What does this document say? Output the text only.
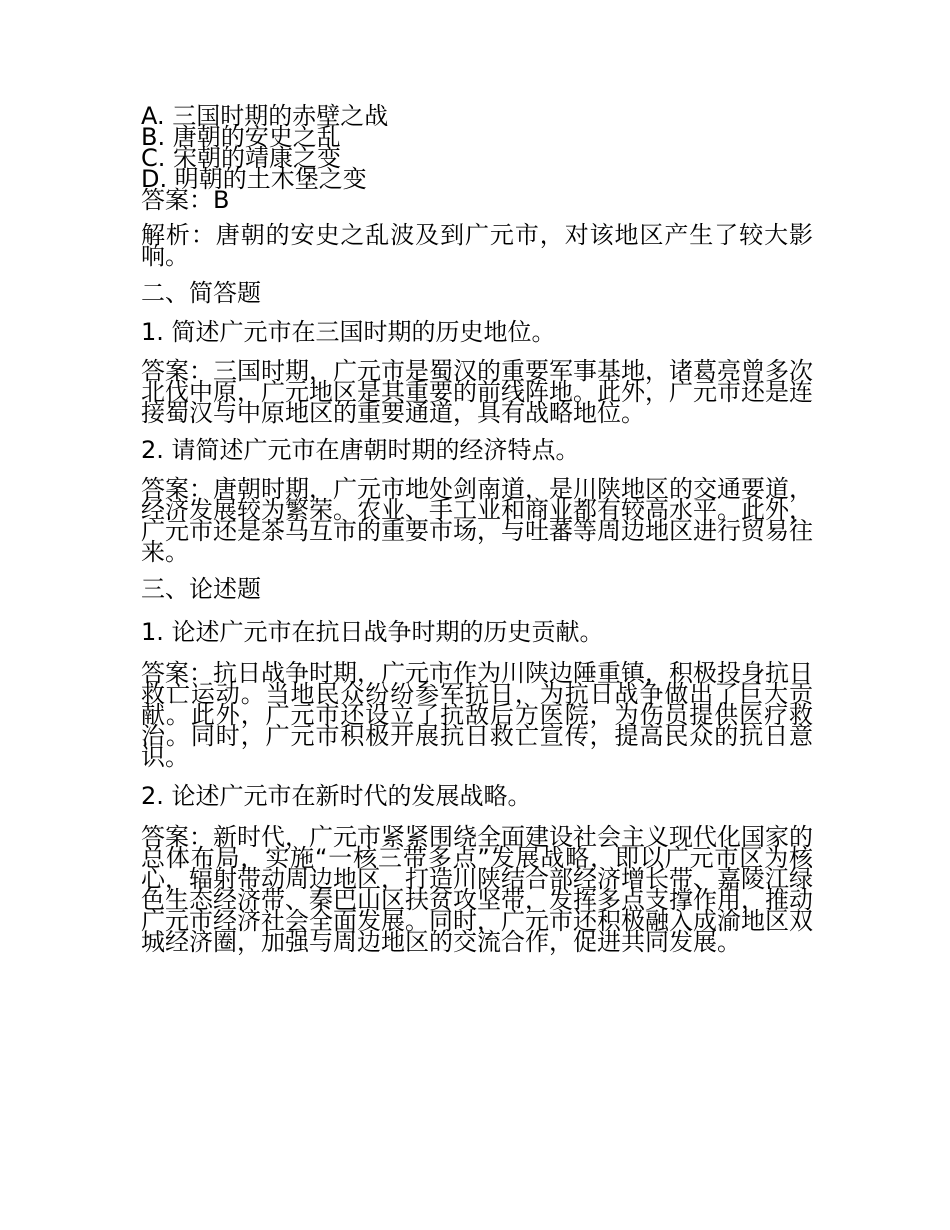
A. 三国时期的赤壁之战
B. 唐朝的安史之乱
C. 宋朝的靖康之变
D. 明朝的土木堡之变
答案：B

解析：唐朝的安史之乱波及到广元市，对该地区产生了较大影响。

二、简答题

1. 简述广元市在三国时期的历史地位。

答案：三国时期，广元市是蜀汉的重要军事基地，诸葛亮曾多次北伐中原，广元地区是其重要的前线阵地。此外，广元市还是连接蜀汉与中原地区的重要通道，具有战略地位。

2. 请简述广元市在唐朝时期的经济特点。

答案：唐朝时期，广元市地处剑南道，是川陕地区的交通要道，经济发展较为繁荣。农业、手工业和商业都有较高水平。此外，广元市还是茶马互市的重要市场，与吐蕃等周边地区进行贸易往来。

三、论述题

1. 论述广元市在抗日战争时期的历史贡献。

答案：抗日战争时期，广元市作为川陕边陲重镇，积极投身抗日救亡运动。当地民众纷纷参军抗日，为抗日战争做出了巨大贡献。此外，广元市还设立了抗敌后方医院，为伤员提供医疗救治。同时，广元市积极开展抗日救亡宣传，提高民众的抗日意识。

2. 论述广元市在新时代的发展战略。

答案：新时代，广元市紧紧围绕全面建设社会主义现代化国家的总体布局，实施“一核三带多点”发展战略，即以广元市区为核心，辐射带动周边地区，打造川陕结合部经济增长带、嘉陵江绿色生态经济带、秦巴山区扶贫攻坚带，发挥多点支撑作用，推动广元市经济社会全面发展。同时，广元市还积极融入成渝地区双城经济圈，加强与周边地区的交流合作，促进共同发展。
